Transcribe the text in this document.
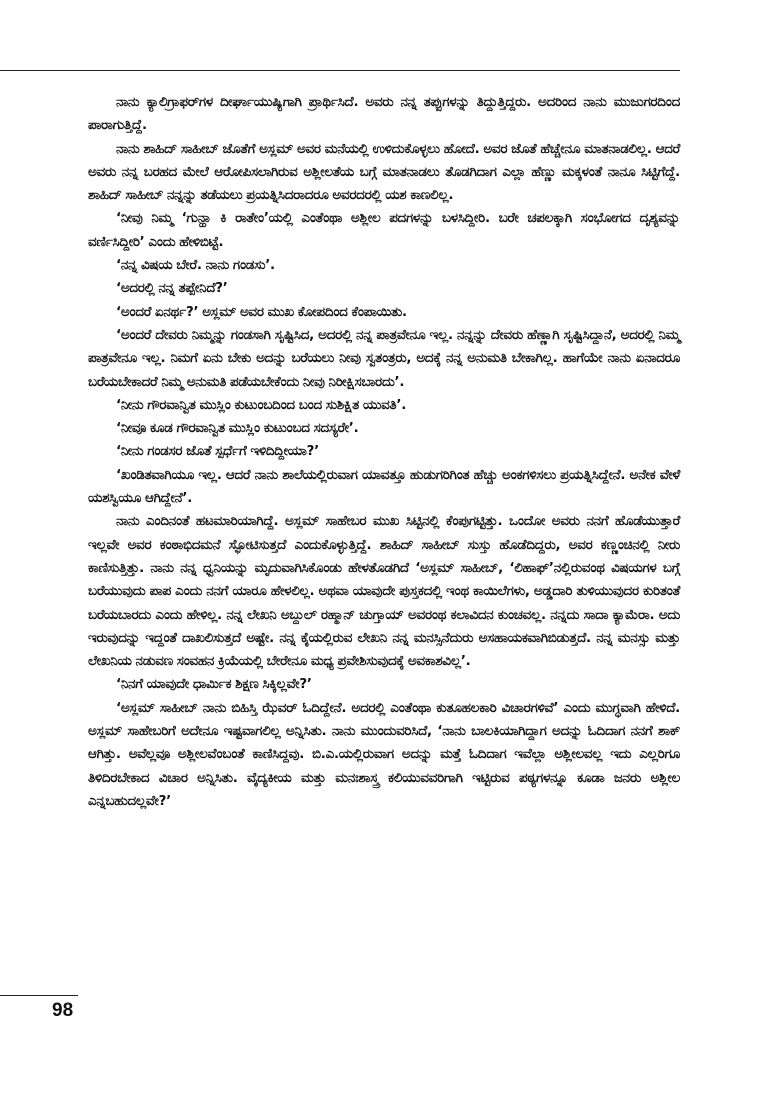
ನಾನು ಕ್ಯಾಲಿಗ್ರಾಫರ್‌ಗಳ ದೀರ್ಘಾಯುಷ್ಯಿಗಾಗಿ ಪ್ರಾರ್ಥಿಸಿದೆ. ಅವರು ನನ್ನ ತಪ್ಪುಗಳನ್ನು ತಿದ್ದುತ್ತಿದ್ದರು. ಅದರಿಂದ ನಾನು ಮುಜುಗರದಿಂದ ಪಾರಾಗುತ್ತಿದ್ದೆ.

ನಾನು ಶಾಹಿದ್ ಸಾಹೀಬ್ ಜೊತೆಗೆ ಅಸ್ಲಮ್ ಅವರ ಮನೆಯಲ್ಲಿ ಉಳಿದುಕೊಳ್ಳಲು ಹೋದೆ. ಅವರ ಜೊತೆ ಹೆಚ್ಚೇನೂ ಮಾತನಾಡಲಿಲ್ಲ. ಆದರೆ ಅವರು ನನ್ನ ಬರಹದ ಮೇಲೆ ಆರೋಪಿಸಲಾಗಿರುವ ಅಶ್ಲೀಲತೆಯ ಬಗ್ಗೆ ಮಾತನಾಡಲು ತೊಡಗಿದಾಗ ಎಲ್ಲಾ ಹೆಣ್ಣು ಮಕ್ಕಳಂತೆ ನಾನೂ ಸಿಟ್ಟಿಗೆದ್ದೆ. ಶಾಹಿದ್ ಸಾಹೀಬ್ ನನ್ನನ್ನು ತಡೆಯಲು ಪ್ರಯತ್ನಿಸಿದರಾದರೂ ಅವರದರಲ್ಲಿ ಯಶ ಕಾಣಲಿಲ್ಲ.

‘ನೀವು ನಿಮ್ಮ ‘ಗುನ್ಹಾ ಕಿ ರಾತೇಂ’ಯಲ್ಲಿ ಎಂತೆಂಥಾ ಅಶ್ಲೀಲ ಪದಗಳನ್ನು ಬಳಸಿದ್ದೀರಿ. ಬರೇ ಚಪಲಕ್ಕಾಗಿ ಸಂಭೋಗದ ದೃಶ್ಯವನ್ನು ವರ್ಣಿಸಿದ್ದೀರಿ’ ಎಂದು ಹೇಳಿಬಿಟ್ಟೆ.

‘ನನ್ನ ವಿಷಯ ಬೇರೆ. ನಾನು ಗಂಡಸು’.

‘ಅದರಲ್ಲಿ ನನ್ನ ತಪ್ಪೇನಿದೆ?’

‘ಅಂದರೆ ಏನರ್ಥ?’ ಅಸ್ಲಮ್ ಅವರ ಮುಖ ಕೋಪದಿಂದ ಕೆಂಪಾಯಿತು.

‘ಅಂದರೆ ದೇವರು ನಿಮ್ಮನ್ನು ಗಂಡಸಾಗಿ ಸೃಷ್ಟಿಸಿದ, ಅದರಲ್ಲಿ ನನ್ನ ಪಾತ್ರವೇನೂ ಇಲ್ಲ. ನನ್ನನ್ನು ದೇವರು ಹೆಣ್ಣಾಗಿ ಸೃಷ್ಟಿಸಿದ್ದಾನೆ, ಅದರಲ್ಲಿ ನಿಮ್ಮ ಪಾತ್ರವೇನೂ ಇಲ್ಲ. ನಿಮಗೆ ಏನು ಬೇಕು ಅದನ್ನು ಬರೆಯಲು ನೀವು ಸ್ವತಂತ್ರರು, ಅದಕ್ಕೆ ನನ್ನ ಅನುಮತಿ ಬೇಕಾಗಿಲ್ಲ. ಹಾಗೆಯೇ ನಾನು ಏನಾದರೂ ಬರೆಯಬೇಕಾದರೆ ನಿಮ್ಮ ಅನುಮತಿ ಪಡೆಯಬೇಕೆಂದು ನೀವು ನಿರೀಕ್ಷಿಸಬಾರದು’.

‘ನೀನು ಗೌರವಾನ್ವಿತ ಮುಸ್ಲಿಂ ಕುಟುಂಬದಿಂದ ಬಂದ ಸುಶಿಕ್ಷಿತ ಯುವತಿ’.

‘ನೀವೂ ಕೂಡ ಗೌರವಾನ್ವಿತ ಮುಸ್ಲಿಂ ಕುಟುಂಬದ ಸದಸ್ಯರೇ’.

‘ನೀನು ಗಂಡಸರ ಜೊತೆ ಸ್ಪರ್ಧೆಗೆ ಇಳಿದಿದ್ದೀಯಾ?’

‘ಖಂಡಿತವಾಗಿಯೂ ಇಲ್ಲ. ಆದರೆ ನಾನು ಶಾಲೆಯಲ್ಲಿರುವಾಗ ಯಾವತ್ತೂ ಹುಡುಗರಿಗಿಂತ ಹೆಚ್ಚು ಅಂಕಗಳಿಸಲು ಪ್ರಯತ್ನಿಸಿದ್ದೇನೆ. ಅನೇಕ ವೇಳೆ ಯಶಸ್ವಿಯೂ ಆಗಿದ್ದೇನೆ’.

ನಾನು ಎಂದಿನಂತೆ ಹಟಮಾರಿಯಾಗಿದ್ದೆ. ಅಸ್ಲಮ್ ಸಾಹೇಬರ ಮುಖ ಸಿಟ್ಟಿನಲ್ಲಿ ಕೆಂಪುಗಟ್ಟಿತ್ತು. ಒಂದೋ ಅವರು ನನಗೆ ಹೊಡೆಯುತ್ತಾರೆ ಇಲ್ಲವೇ ಅವರ ಕಂಠಾಭಿದಮನೆ ಸ್ಫೋಟಿಸುತ್ತದೆ ಎಂದುಕೊಳ್ಳುತ್ತಿದ್ದೆ. ಶಾಹಿದ್ ಸಾಹೀಬ್ ಸುಸ್ತು ಹೊಡೆದಿದ್ದರು, ಅವರ ಕಣ್ಣಂಚಿನಲ್ಲಿ ನೀರು ಕಾಣಿಸುತ್ತಿತ್ತು. ನಾನು ನನ್ನ ಧ್ವನಿಯನ್ನು ಮೃದುವಾಗಿಸಿಕೊಂಡು ಹೇಳತೊಡಗಿದೆ ‘ಅಸ್ಲಮ್ ಸಾಹೀಬ್, ‘ಲಿಹಾಫ್’ನಲ್ಲಿರುವಂಥ ವಿಷಯಗಳ ಬಗ್ಗೆ ಬರೆಯುವುದು ಪಾಪ ಎಂದು ನನಗೆ ಯಾರೂ ಹೇಳಲಿಲ್ಲ. ಅಥವಾ ಯಾವುದೇ ಪುಸ್ತಕದಲ್ಲಿ ಇಂಥ ಕಾಯಿಲೆಗಳು, ಅಡ್ಡದಾರಿ ತುಳಿಯುವುದರ ಕುರಿತಂತೆ ಬರೆಯಬಾರದು ಎಂದು ಹೇಳಿಲ್ಲ. ನನ್ನ ಲೇಖನಿ ಅಬ್ದುಲ್ ರಹ್ಮಾನ್ ಚುಗ್ತಾಯ್ ಅವರಂಥ ಕಲಾವಿದನ ಕುಂಚವಲ್ಲ. ನನ್ನದು ಸಾದಾ ಕ್ಯಾಮೆರಾ. ಅದು ಇರುವುದನ್ನು ಇದ್ದಂತೆ ದಾಖಲಿಸುತ್ತದೆ ಅಷ್ಟೇ. ನನ್ನ ಕೈಯಲ್ಲಿರುವ ಲೇಖನಿ ನನ್ನ ಮನಸ್ಸಿನೆದುರು ಅಸಹಾಯಕವಾಗಿಬಿಡುತ್ತದೆ. ನನ್ನ ಮನಸ್ಸು ಮತ್ತು ಲೇಖನಿಯ ನಡುವಣ ಸಂವಹನ ಕ್ರಿಯೆಯಲ್ಲಿ ಬೇರೇನೂ ಮಧ್ಯ ಪ್ರವೇಶಿಸುವುದಕ್ಕೆ ಅವಕಾಶವಿಲ್ಲ’.

‘ನಿನಗೆ ಯಾವುದೇ ಧಾರ್ಮಿಕ ಶಿಕ್ಷಣ ಸಿಕ್ಕಿಲ್ಲವೇ?’

‘ಅಸ್ಲಮ್ ಸಾಹೀಬ್ ನಾನು ಬಿಹಿಸ್ತಿ ಝೆವರ್ ಓದಿದ್ದೇನೆ. ಅದರಲ್ಲಿ ಎಂತೆಂಥಾ ಕುತೂಹಲಕಾರಿ ವಿಚಾರಗಳಿವೆ’ ಎಂದು ಮುಗ್ಧವಾಗಿ ಹೇಳಿದೆ. ಅಸ್ಲಮ್ ಸಾಹೇಬರಿಗೆ ಅದೇನೂ ಇಷ್ಟವಾಗಲಿಲ್ಲ ಅನ್ನಿಸಿತು. ನಾನು ಮುಂದುವರಿಸಿದೆ, ‘ನಾನು ಬಾಲಕಿಯಾಗಿದ್ದಾಗ ಅದನ್ನು ಓದಿದಾಗ ನನಗೆ ಶಾಕ್ ಆಗಿತ್ತು. ಅವೆಲ್ಲವೂ ಅಶ್ಲೀಲವೆಂಬಂತೆ ಕಾಣಿಸಿದ್ದವು. ಬಿ.ಎ.ಯಲ್ಲಿರುವಾಗ ಅದನ್ನು ಮತ್ತೆ ಓದಿದಾಗ ಇವೆಲ್ಲಾ ಅಶ್ಲೀಲವಲ್ಲ ಇದು ಎಲ್ಲರಿಗೂ ತಿಳಿದಿರಬೇಕಾದ ವಿಚಾರ ಅನ್ನಿಸಿತು. ವೈದ್ಯಕೀಯ ಮತ್ತು ಮನಃಶಾಸ್ತ್ರ ಕಲಿಯುವವರಿಗಾಗಿ ಇಟ್ಟಿರುವ ಪಠ್ಯಗಳನ್ನೂ ಕೂಡಾ ಜನರು ಅಶ್ಲೀಲ ಎನ್ನಬಹುದಲ್ಲವೇ?’

98
